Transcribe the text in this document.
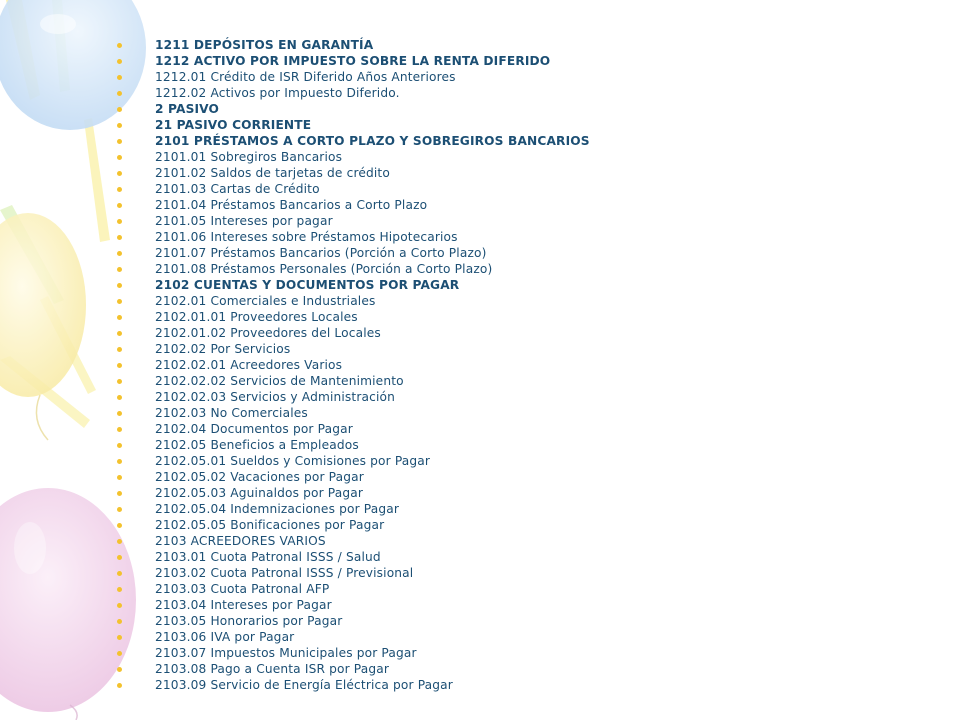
1211 DEPÓSITOS EN GARANTÍA
1212 ACTIVO POR IMPUESTO SOBRE LA RENTA DIFERIDO
1212.01 Crédito de ISR Diferido Años Anteriores
1212.02 Activos por Impuesto Diferido.
2 PASIVO
21 PASIVO CORRIENTE
2101 PRÉSTAMOS A CORTO PLAZO Y SOBREGIROS BANCARIOS
2101.01 Sobregiros Bancarios
2101.02 Saldos de tarjetas de crédito
2101.03 Cartas de Crédito
2101.04 Préstamos Bancarios a Corto Plazo
2101.05 Intereses por pagar
2101.06 Intereses sobre Préstamos Hipotecarios
2101.07 Préstamos Bancarios (Porción a Corto Plazo)
2101.08 Préstamos Personales (Porción a Corto Plazo)
2102 CUENTAS Y DOCUMENTOS POR PAGAR
2102.01 Comerciales e Industriales
2102.01.01 Proveedores Locales
2102.01.02 Proveedores del Locales
2102.02 Por Servicios
2102.02.01 Acreedores Varios
2102.02.02 Servicios de Mantenimiento
2102.02.03 Servicios y Administración
2102.03 No Comerciales
2102.04 Documentos por Pagar
2102.05 Beneficios a Empleados
2102.05.01 Sueldos y Comisiones por Pagar
2102.05.02 Vacaciones por Pagar
2102.05.03 Aguinaldos por Pagar
2102.05.04 Indemnizaciones por Pagar
2102.05.05 Bonificaciones por Pagar
2103 ACREEDORES VARIOS
2103.01 Cuota Patronal ISSS / Salud
2103.02 Cuota Patronal ISSS / Previsional
2103.03 Cuota Patronal AFP
2103.04 Intereses por Pagar
2103.05 Honorarios por Pagar
2103.06 IVA por Pagar
2103.07 Impuestos Municipales por Pagar
2103.08 Pago a Cuenta ISR por Pagar
2103.09 Servicio de Energía Eléctrica por Pagar
